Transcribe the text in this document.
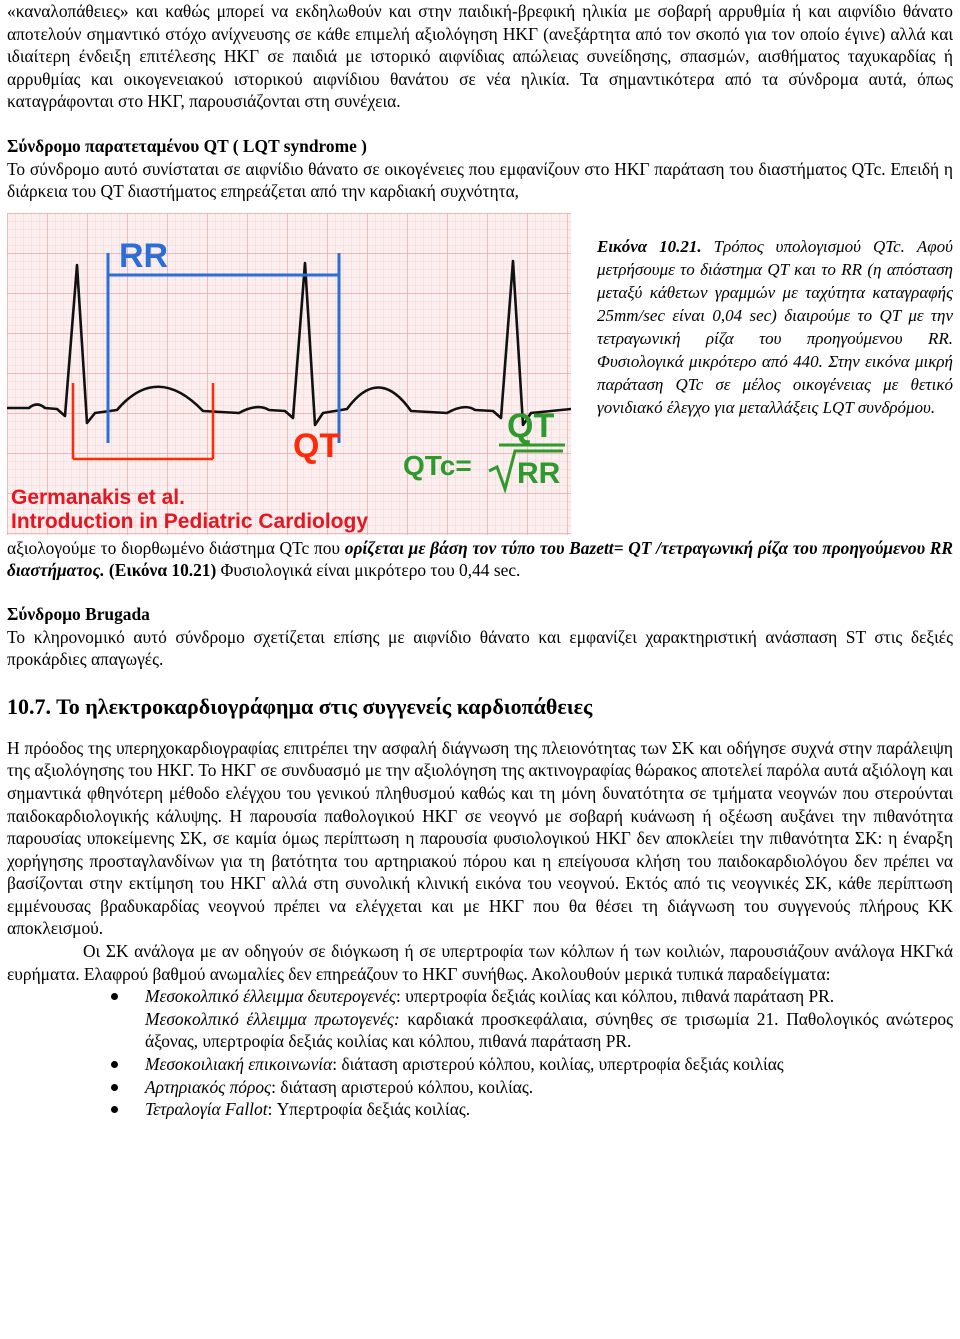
«καναλοπάθειες» και καθώς μπορεί να εκδηλωθούν και στην παιδική-βρεφική ηλικία με σοβαρή αρρυθμία ή και αιφνίδιο θάνατο αποτελούν σημαντικό στόχο ανίχνευσης σε κάθε επιμελή αξιολόγηση ΗΚΓ (ανεξάρτητα από τον σκοπό για τον οποίο έγινε) αλλά και ιδιαίτερη ένδειξη επιτέλεσης ΗΚΓ σε παιδιά με ιστορικό αιφνίδιας απώλειας συνείδησης, σπασμών, αισθήματος ταχυκαρδίας ή αρρυθμίας και οικογενειακού ιστορικού αιφνίδιου θανάτου σε νέα ηλικία. Τα σημαντικότερα από τα σύνδρομα αυτά, όπως καταγράφονται στο ΗΚΓ, παρουσιάζονται στη συνέχεια.

Σύνδρομο παρατεταμένου QT ( LQT syndrome )

Το σύνδρομο αυτό συνίσταται σε αιφνίδιο θάνατο σε οικογένειες που εμφανίζουν στο ΗΚΓ παράταση του διαστήματος QTc. Επειδή η διάρκεια του QT διαστήματος επηρεάζεται από την καρδιακή συχνότητα,

RR
QT
QTc=
QT
RR
Germanakis et al.
Introduction in Pediatric Cardiology

Εικόνα 10.21. Τρόπος υπολογισμού QTc. Αφού μετρήσουμε το διάστημα QT και το RR (η απόσταση μεταξύ κάθετων γραμμών με ταχύτητα καταγραφής 25mm/sec είναι 0,04 sec) διαιρούμε το QT με την τετραγωνική ρίζα του προηγούμενου RR. Φυσιολογικά μικρότερο από 440. Στην εικόνα μικρή παράταση QTc σε μέλος οικογένειας με θετικό γονιδιακό έλεγχο για μεταλλάξεις LQT συνδρόμου.

αξιολογούμε το διορθωμένο διάστημα QTc που ορίζεται με βάση τον τύπο του Bazett= QT /τετραγωνική ρίζα του προηγούμενου RR διαστήματος. (Εικόνα 10.21) Φυσιολογικά είναι μικρότερο του 0,44 sec.

Σύνδρομο Brugada

Το κληρονομικό αυτό σύνδρομο σχετίζεται επίσης με αιφνίδιο θάνατο και εμφανίζει χαρακτηριστική ανάσπαση ST στις δεξιές προκάρδιες απαγωγές.

10.7. Το ηλεκτροκαρδιογράφημα στις συγγενείς καρδιοπάθειες

Η πρόοδος της υπερηχοκαρδιογραφίας επιτρέπει την ασφαλή διάγνωση της πλειονότητας των ΣΚ και οδήγησε συχνά στην παράλειψη της αξιολόγησης του ΗΚΓ. Το ΗΚΓ σε συνδυασμό με την αξιολόγηση της ακτινογραφίας θώρακος αποτελεί παρόλα αυτά αξιόλογη και σημαντικά φθηνότερη μέθοδο ελέγχου του γενικού πληθυσμού καθώς και τη μόνη δυνατότητα σε τμήματα νεογνών που στερούνται παιδοκαρδιολογικής κάλυψης. Η παρουσία παθολογικού ΗΚΓ σε νεογνό με σοβαρή κυάνωση ή οξέωση αυξάνει την πιθανότητα παρουσίας υποκείμενης ΣΚ, σε καμία όμως περίπτωση η παρουσία φυσιολογικού ΗΚΓ δεν αποκλείει την πιθανότητα ΣΚ: η έναρξη χορήγησης προσταγλανδίνων για τη βατότητα του αρτηριακού πόρου και η επείγουσα κλήση του παιδοκαρδιολόγου δεν πρέπει να βασίζονται στην εκτίμηση του ΗΚΓ αλλά στη συνολική κλινική εικόνα του νεογνού. Εκτός από τις νεογνικές ΣΚ, κάθε περίπτωση εμμένουσας βραδυκαρδίας νεογνού πρέπει να ελέγχεται και με ΗΚΓ που θα θέσει τη διάγνωση του συγγενούς πλήρους ΚΚ αποκλεισμού.

Οι ΣΚ ανάλογα με αν οδηγούν σε διόγκωση ή σε υπερτροφία των κόλπων ή των κοιλιών, παρουσιάζουν ανάλογα ΗΚΓκά ευρήματα. Ελαφρού βαθμού ανωμαλίες δεν επηρεάζουν το ΗΚΓ συνήθως. Ακολουθούν μερικά τυπικά παραδείγματα:

Μεσοκολπικό έλλειμμα δευτερογενές: υπερτροφία δεξιάς κοιλίας και κόλπου, πιθανά παράταση PR.
Μεσοκολπικό έλλειμμα πρωτογενές: καρδιακά προσκεφάλαια, σύνηθες σε τρισωμία 21. Παθολογικός ανώτερος άξονας, υπερτροφία δεξιάς κοιλίας και κόλπου, πιθανά παράταση PR.
Μεσοκοιλιακή επικοινωνία: διάταση αριστερού κόλπου, κοιλίας, υπερτροφία δεξιάς κοιλίας
Αρτηριακός πόρος: διάταση αριστερού κόλπου, κοιλίας.
Τετραλογία Fallot: Υπερτροφία δεξιάς κοιλίας.
